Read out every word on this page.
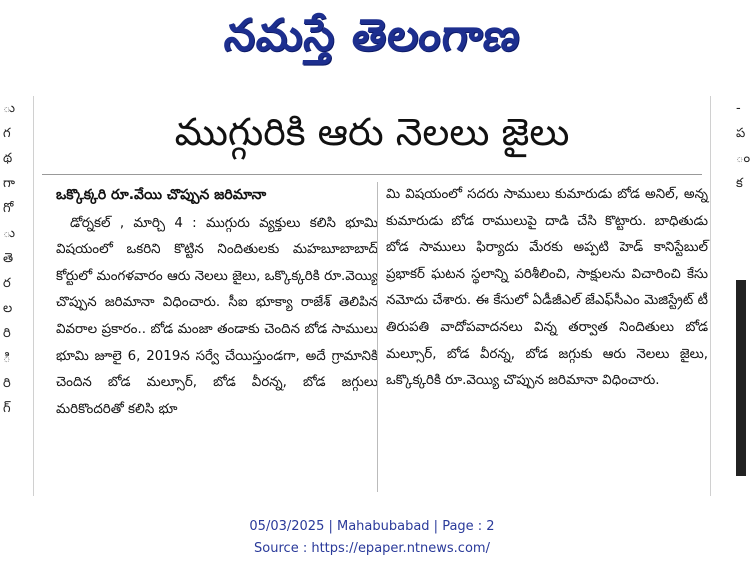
నమస్తే తెలంగాణ
ు
గ
థ
గా
గో
ు
తె
ర
ల
రి
ి
రి
గ్
-
ప
ం
క
ముగ్గురికి ఆరు నెలలు జైలు
ఒక్కొక్కరి రూ.వేయి చొప్పున జరిమానా
డోర్నకల్ , మార్చి 4 : ముగ్గురు వ్యక్తులు కలిసి భూమి విషయంలో ఒకరిని కొట్టిన నిందితులకు మహబూబాబాద్ కోర్టులో మంగళవారం ఆరు నెలలు జైలు, ఒక్కొక్కరికి రూ.వెయ్యి చొప్పున జరిమానా విధించారు. సీఐ భూక్యా రాజేశ్ తెలిపిన వివరాల ప్రకారం.. బోడ మంజా తండాకు చెందిన బోడ సాములు భూమి జూలై 6, 2019న సర్వే చేయిస్తుండగా, అదే గ్రామానికి చెందిన బోడ మల్సూర్, బోడ వీరన్న, బోడ జగ్గులు మరికొందరితో కలిసి భూ
మి విషయంలో సదరు సాములు కుమారుడు బోడ అనిల్, అన్న కుమారుడు బోడ రాములుపై దాడి చేసి కొట్టారు. బాధితుడు బోడ సాములు ఫిర్యాదు మేరకు అప్పటి హెడ్ కానిస్టేబుల్ ప్రభాకర్ ఘటన స్థలాన్ని పరిశీలించి, సాక్షులను విచారించి కేసు నమోదు చేశారు. ఈ కేసులో ఏడీజీఎల్ జేఎఫ్‌సీఎం మెజిస్ట్రేట్ టీ తిరుపతి వాదోపవాదనలు విన్న తర్వాత నిందితులు బోడ మల్సూర్, బోడ వీరన్న, బోడ జగ్గుకు ఆరు నెలలు జైలు, ఒక్కొక్కరికి రూ.వెయ్యి చొప్పున జరిమానా విధించారు.
05/03/2025 | Mahabubabad | Page : 2
Source : https://epaper.ntnews.com/
